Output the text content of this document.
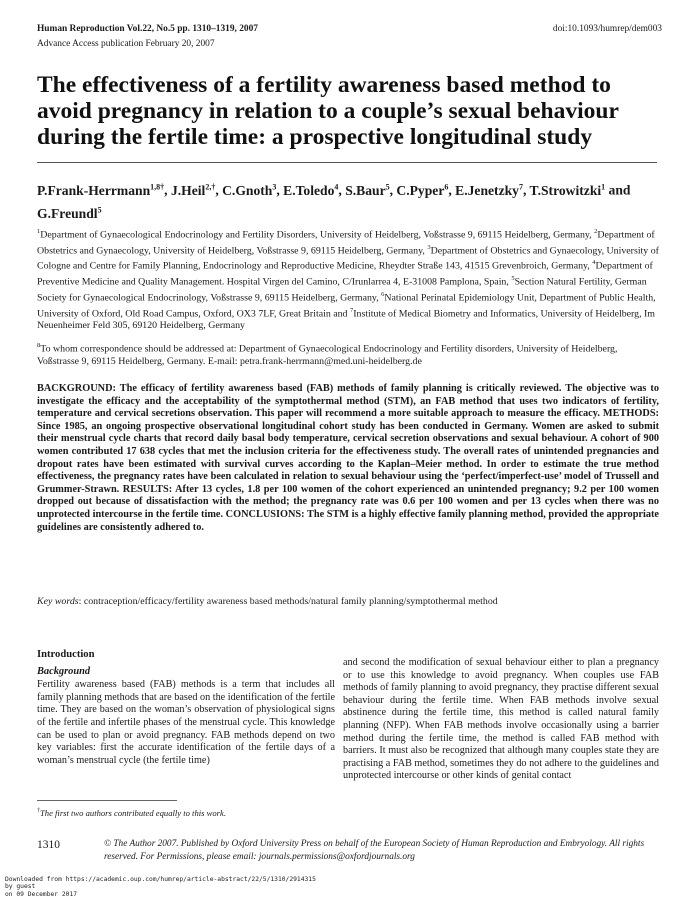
Human Reproduction Vol.22, No.5 pp. 1310–1319, 2007
Advance Access publication February 20, 2007
doi:10.1093/humrep/dem003
The effectiveness of a fertility awareness based method to avoid pregnancy in relation to a couple’s sexual behaviour during the fertile time: a prospective longitudinal study
P.Frank-Herrmann$^{1,8\dagger}$, J.Heil$^{2,\dagger}$, C.Gnoth$^3$, E.Toledo$^4$, S.Baur$^5$, C.Pyper$^6$, E.Jenetzky$^7$, T.Strowitzki$^1$ and G.Freundl$^5$
$^1$Department of Gynaecological Endocrinology and Fertility Disorders, University of Heidelberg, Voßstrasse 9, 69115 Heidelberg, Germany, $^2$Department of Obstetrics and Gynaecology, University of Heidelberg, Voßstrasse 9, 69115 Heidelberg, Germany, $^3$Department of Obstetrics and Gynaecology, University of Cologne and Centre for Family Planning, Endocrinology and Reproductive Medicine, Rheydter Straße 143, 41515 Grevenbroich, Germany, $^4$Department of Preventive Medicine and Quality Management. Hospital Virgen del Camino, C/Irunlarrea 4, E-31008 Pamplona, Spain, $^5$Section Natural Fertility, German Society for Gynaecological Endocrinology, Voßstrasse 9, 69115 Heidelberg, Germany, $^6$National Perinatal Epidemiology Unit, Department of Public Health, University of Oxford, Old Road Campus, Oxford, OX3 7LF, Great Britain and $^7$Institute of Medical Biometry and Informatics, University of Heidelberg, Im Neuenheimer Feld 305, 69120 Heidelberg, Germany
$^8$To whom correspondence should be addressed at: Department of Gynaecological Endocrinology and Fertility disorders, University of Heidelberg, Voßstrasse 9, 69115 Heidelberg, Germany. E-mail: petra.frank-herrmann@med.uni-heidelberg.de
BACKGROUND: The efficacy of fertility awareness based (FAB) methods of family planning is critically reviewed. The objective was to investigate the efficacy and the acceptability of the symptothermal method (STM), an FAB method that uses two indicators of fertility, temperature and cervical secretions observation. This paper will recommend a more suitable approach to measure the efficacy. METHODS: Since 1985, an ongoing prospective observational longitudinal cohort study has been conducted in Germany. Women are asked to submit their menstrual cycle charts that record daily basal body temperature, cervical secretion observations and sexual behaviour. A cohort of 900 women contributed 17 638 cycles that met the inclusion criteria for the effectiveness study. The overall rates of unintended pregnancies and dropout rates have been estimated with survival curves according to the Kaplan–Meier method. In order to estimate the true method effectiveness, the pregnancy rates have been calculated in relation to sexual behaviour using the ‘perfect/imperfect-use’ model of Trussell and Grummer-Strawn. RESULTS: After 13 cycles, 1.8 per 100 women of the cohort experienced an unintended pregnancy; 9.2 per 100 women dropped out because of dissatisfaction with the method; the pregnancy rate was 0.6 per 100 women and per 13 cycles when there was no unprotected intercourse in the fertile time. CONCLUSIONS: The STM is a highly effective family planning method, provided the appropriate guidelines are consistently adhered to.
Key words: contraception/efficacy/fertility awareness based methods/natural family planning/symptothermal method
Introduction
Background

Fertility awareness based (FAB) methods is a term that includes all family planning methods that are based on the identification of the fertile time. They are based on the woman’s observation of physiological signs of the fertile and infertile phases of the menstrual cycle. This knowledge can be used to plan or avoid pregnancy. FAB methods depend on two key variables: first the accurate identification of the fertile days of a woman’s menstrual cycle (the fertile time)

and second the modification of sexual behaviour either to plan a pregnancy or to use this knowledge to avoid pregnancy. When couples use FAB methods of family planning to avoid pregnancy, they practise different sexual behaviour during the fertile time. When FAB methods involve sexual abstinence during the fertile time, this method is called natural family planning (NFP). When FAB methods involve occasionally using a barrier method during the fertile time, the method is called FAB method with barriers. It must also be recognized that although many couples state they are practising a FAB method, sometimes they do not adhere to the guidelines and unprotected intercourse or other kinds of genital contact

†The first two authors contributed equally to this work.
1310	© The Author 2007. Published by Oxford University Press on behalf of the European Society of Human Reproduction and Embryology. All rights reserved. For Permissions, please email: journals.permissions@oxfordjournals.org
Downloaded from https://academic.oup.com/humrep/article-abstract/22/5/1310/2914315
by guest
on 09 December 2017
